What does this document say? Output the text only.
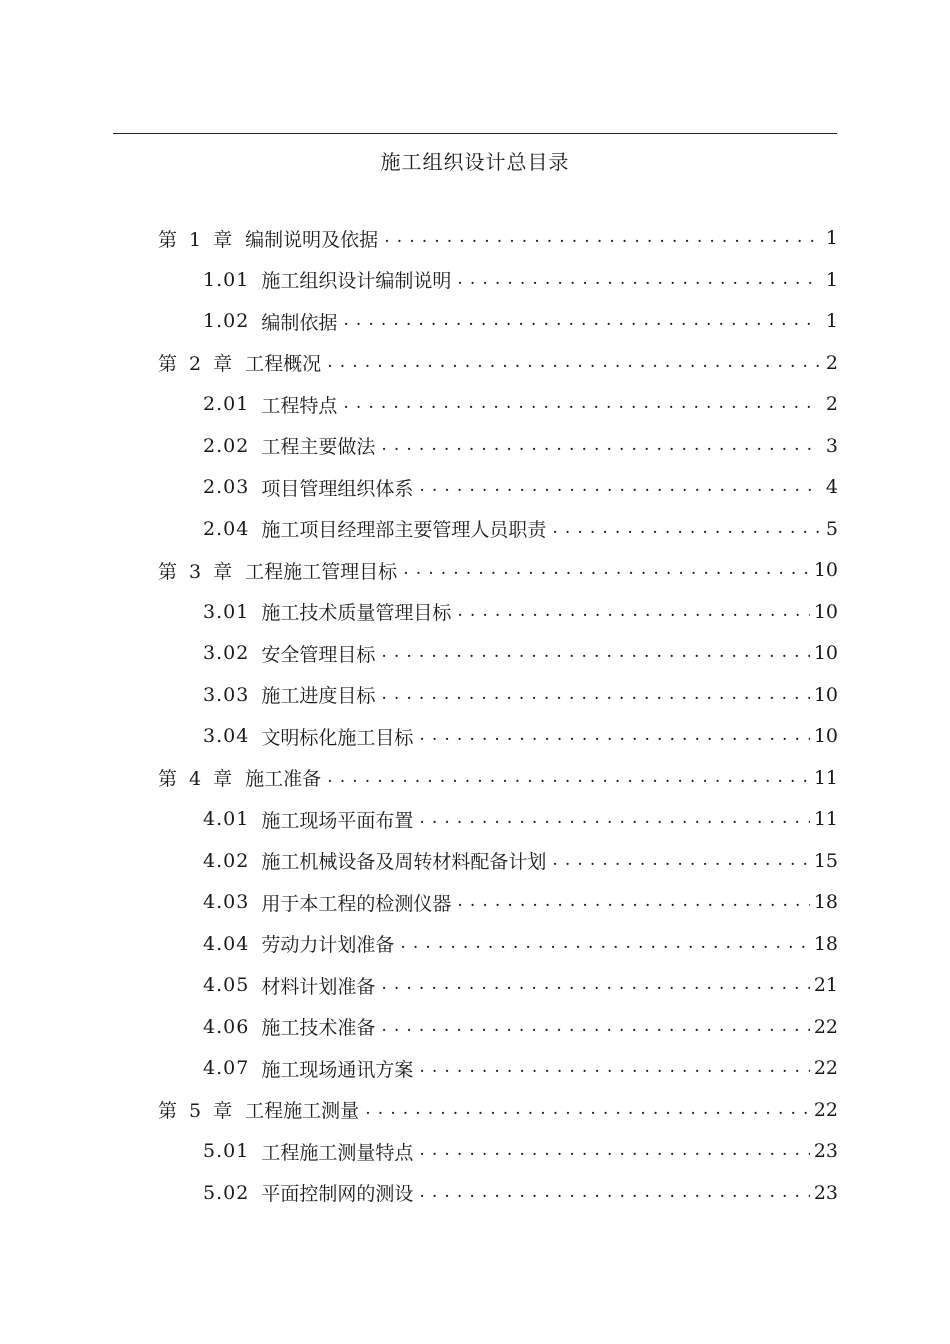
施工组织设计总目录
第 1 章 编制说明及依据 . . .	1
1.01 施工组织设计编制说明 . . .	1
1.02 编制依据 . . .	1
第 2 章 工程概况 . . .	2
2.01 工程特点 . . .	2
2.02 工程主要做法 . . .	3
2.03 项目管理组织体系 . . .	4
2.04 施工项目经理部主要管理人员职责 . . .	5
第 3 章 工程施工管理目标 . . .	10
3.01 施工技术质量管理目标 . . .	10
3.02 安全管理目标 . . .	10
3.03 施工进度目标 . . .	10
3.04 文明标化施工目标 . . .	10
第 4 章 施工准备 . . .	11
4.01 施工现场平面布置 . . .	11
4.02 施工机械设备及周转材料配备计划 . . .	15
4.03 用于本工程的检测仪器 . . .	18
4.04 劳动力计划准备 . . .	18
4.05 材料计划准备 . . .	21
4.06 施工技术准备 . . .	22
4.07 施工现场通讯方案 . . .	22
第 5 章 工程施工测量 . . .	22
5.01 工程施工测量特点 . . .	23
5.02 平面控制网的测设 . . .	23
